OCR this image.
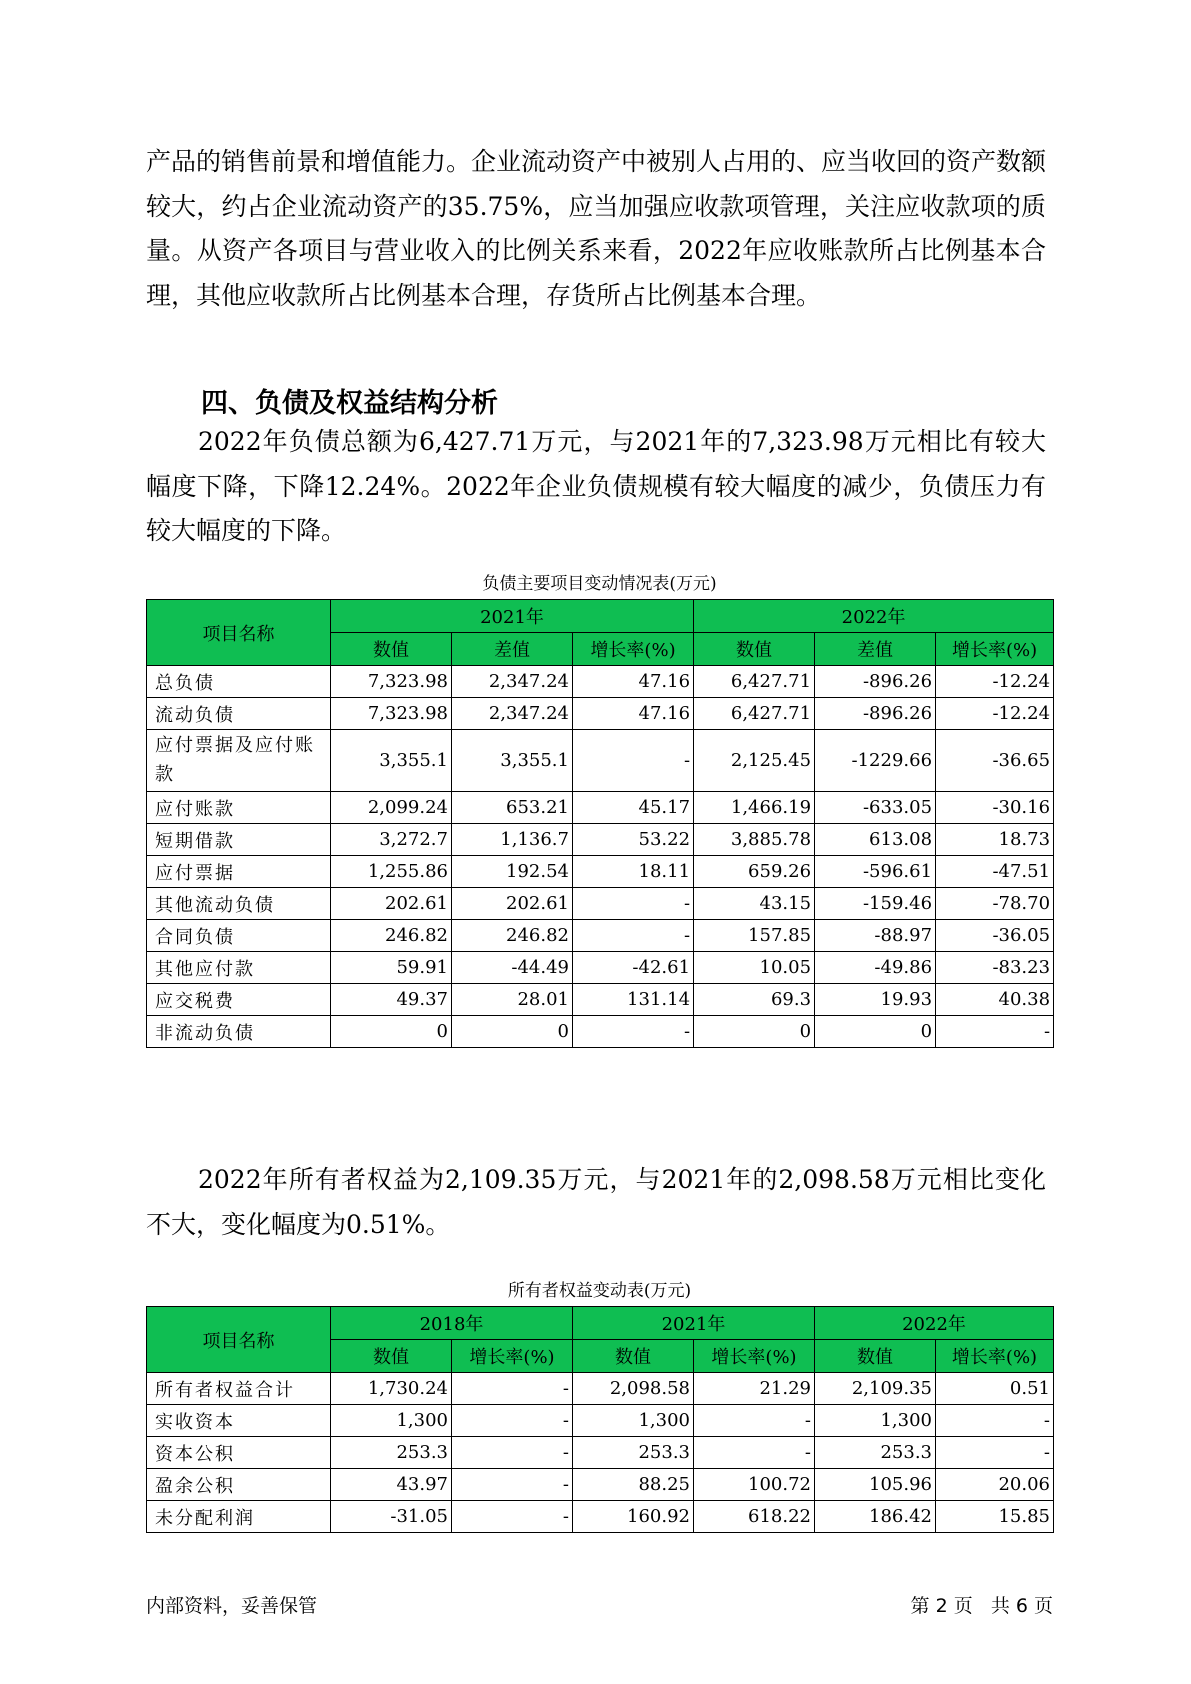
产品的销售前景和增值能力。企业流动资产中被别人占用的、应当收回的资产数额较大，约占企业流动资产的35.75%，应当加强应收款项管理，关注应收款项的质量。从资产各项目与营业收入的比例关系来看，2022年应收账款所占比例基本合理，其他应收款所占比例基本合理，存货所占比例基本合理。

四、负债及权益结构分析

2022年负债总额为6,427.71万元，与2021年的7,323.98万元相比有较大幅度下降，下降12.24%。2022年企业负债规模有较大幅度的减少，负债压力有较大幅度的下降。

负债主要项目变动情况表(万元)
项目名称	2021年			2022年		
	数值	差值	增长率(%)	数值	差值	增长率(%)
总负债	7,323.98	2,347.24	47.16	6,427.71	-896.26	-12.24
流动负债	7,323.98	2,347.24	47.16	6,427.71	-896.26	-12.24
应付票据及应付账款	3,355.1	3,355.1	-	2,125.45	-1229.66	-36.65
应付账款	2,099.24	653.21	45.17	1,466.19	-633.05	-30.16
短期借款	3,272.7	1,136.7	53.22	3,885.78	613.08	18.73
应付票据	1,255.86	192.54	18.11	659.26	-596.61	-47.51
其他流动负债	202.61	202.61	-	43.15	-159.46	-78.70
合同负债	246.82	246.82	-	157.85	-88.97	-36.05
其他应付款	59.91	-44.49	-42.61	10.05	-49.86	-83.23
应交税费	49.37	28.01	131.14	69.3	19.93	40.38
非流动负债	0	0	-	0	0	-

2022年所有者权益为2,109.35万元，与2021年的2,098.58万元相比变化不大，变化幅度为0.51%。

所有者权益变动表(万元)
项目名称	2018年		2021年		2022年	
	数值	增长率(%)	数值	增长率(%)	数值	增长率(%)
所有者权益合计	1,730.24	-	2,098.58	21.29	2,109.35	0.51
实收资本	1,300	-	1,300	-	1,300	-
资本公积	253.3	-	253.3	-	253.3	-
盈余公积	43.97	-	88.25	100.72	105.96	20.06
未分配利润	-31.05	-	160.92	618.22	186.42	15.85
内部资料，妥善保管	第 2 页   共 6 页
